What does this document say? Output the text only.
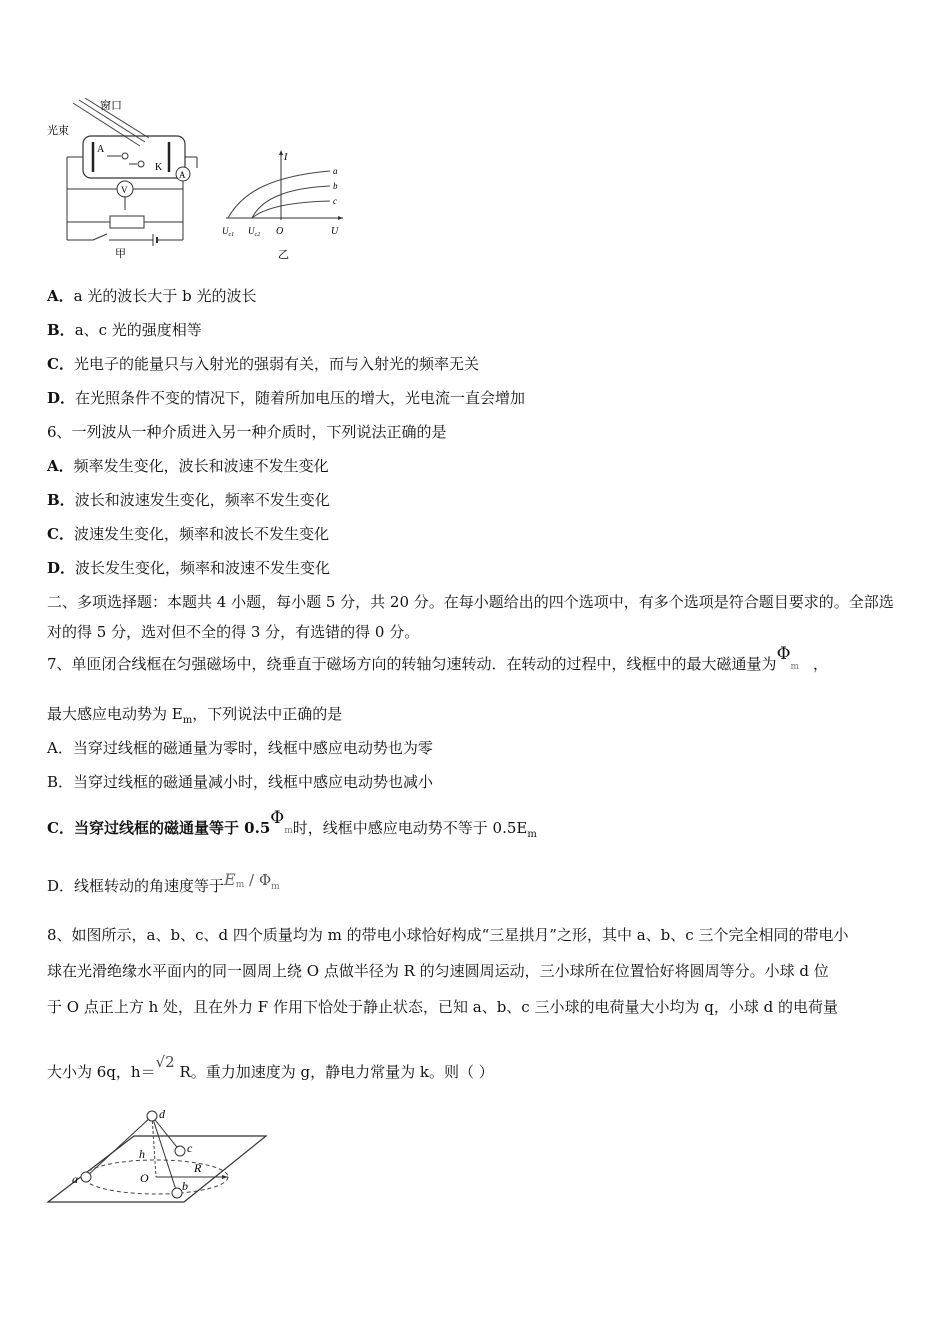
光束
窗口
A
K
A
V
甲
I
U
O
a
b
c
$U_{c1}$ $U_{c2}$
乙
A．a 光的波长大于 b 光的波长
B．a、c 光的强度相等
C．光电子的能量只与入射光的强弱有关，而与入射光的频率无关
D．在光照条件不变的情况下，随着所加电压的增大，光电流一直会增加
6、一列波从一种介质进入另一种介质时，下列说法正确的是
A．频率发生变化，波长和波速不发生变化
B．波长和波速发生变化，频率不发生变化
C．波速发生变化，频率和波长不发生变化
D．波长发生变化，频率和波速不发生变化
二、多项选择题：本题共 4 小题，每小题 5 分，共 20 分。在每小题给出的四个选项中，有多个选项是符合题目要求的。全部选对的得 5 分，选对但不全的得 3 分，有选错的得 0 分。
7、单匝闭合线框在匀强磁场中，绕垂直于磁场方向的转轴匀速转动．在转动的过程中，线框中的最大磁通量为Φm ，
最大感应电动势为 $E_m$，下列说法中正确的是
A．当穿过线框的磁通量为零时，线框中感应电动势也为零
B．当穿过线框的磁通量减小时，线框中感应电动势也减小
C．当穿过线框的磁通量等于 0.5Φm时，线框中感应电动势不等于 $0.5E_m$
D．线框转动的角速度等于$E^m$ / Φm
8、如图所示，a、b、c、d 四个质量均为 m 的带电小球恰好构成“三星拱月”之形，其中 a、b、c 三个完全相同的带电小
球在光滑绝缘水平面内的同一圆周上绕 O 点做半径为 R 的匀速圆周运动，三小球所在位置恰好将圆周等分。小球 d 位
于 O 点正上方 h 处，且在外力 F 作用下恰处于静止状态，已知 a、b、c 三小球的电荷量大小均为 q，小球 d 的电荷量
大小为 6q，h＝√2 R。重力加速度为 g，静电力常量为 k。则（ ）
d
a	b
c
h
O
R
